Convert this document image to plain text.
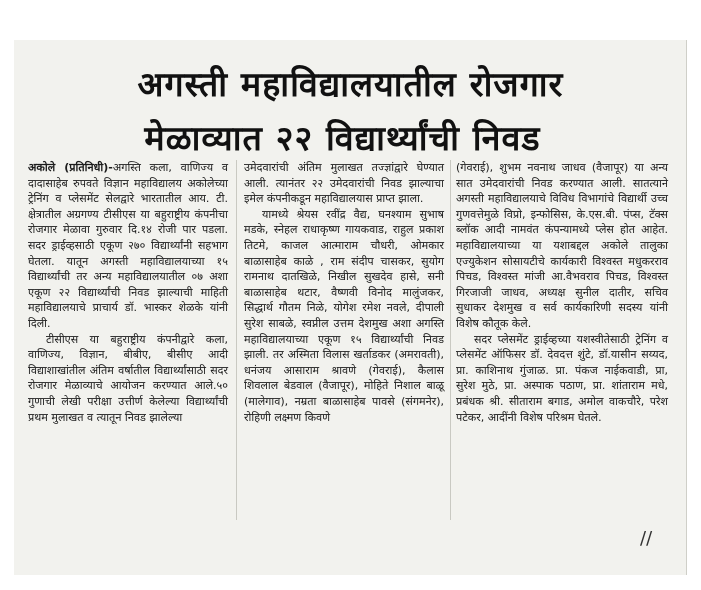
अगस्ती महाविद्यालयातील रोजगार
मेळाव्यात २२ विद्यार्थ्यांची निवड

अकोले (प्रतिनिधी)-अगस्ति कला, वाणिज्य व दादासाहेब रुपवते विज्ञान महाविद्यालय अकोलेच्या ट्रेनिंग व प्लेसमेंट सेलद्वारे भारतातील आय. टी. क्षेत्रातील अग्रगण्य टीसीएस या बहुराष्ट्रीय कंपनीचा रोजगार मेळावा गुरुवार दि.१४ रोजी पार पडला. सदर ड्राईव्हसाठी एकूण २७० विद्यार्थ्यांनी सहभाग घेतला. यातून अगस्ती महाविद्यालयाच्या १५ विद्यार्थ्यांची तर अन्य महाविद्यालयातील ०७ अशा एकूण २२ विद्यार्थ्यांची निवड झाल्याची माहिती महाविद्यालयाचे प्राचार्य डॉ. भास्कर शेळके यांनी दिली.

टीसीएस या बहुराष्ट्रीय कंपनीद्वारे कला, वाणिज्य, विज्ञान, बीबीए, बीसीए आदी विद्याशाखांतील अंतिम वर्षातील विद्यार्थ्यांसाठी सदर रोजगार मेळाव्याचे आयोजन करण्यात आले.५० गुणाची लेखी परीक्षा उत्तीर्ण केलेल्या विद्यार्थ्यांची प्रथम मुलाखत व त्यातून निवड झालेल्या

उमेदवारांची अंतिम मुलाखत तज्ज्ञांद्वारे घेण्यात आली. त्यानंतर २२ उमेदवारांची निवड झाल्याचा इमेल कंपनीकडून महाविद्यालयास प्राप्त झाला.

यामध्ये श्रेयस रवींद्र वैद्य, घनश्याम सुभाष मडके, स्नेहल राधाकृष्ण गायकवाड, राहुल प्रकाश तिटमे, काजल आत्माराम चौधरी, ओमकार बाळासाहेब काळे , राम संदीप चासकर, सुयोग रामनाथ दातखिळे, निखील सुखदेव हासे, सनी बाळासाहेब थटार, वैष्णवी विनोद मालुंजकर, सिद्धार्थ गौतम निळे, योगेश रमेश नवले, दीपाली सुरेश साबळे, स्वप्नील उत्तम देशमुख अशा अगस्ति महाविद्यालयाच्या एकूण १५ विद्यार्थ्यांची निवड झाली. तर अस्मिता विलास खर्ताडकर (अमरावती), धनंजय आसाराम श्रावणे (गेवराई), कैलास शिवलाल बेडवाल (वैजापूर), मोहिते निशाल बाळू (मालेगाव), नम्रता बाळासाहेब पावसे (संगमनेर), रोहिणी लक्ष्मण किवणे

(गेवराई), शुभम नवनाथ जाधव (वैजापूर) या अन्य सात उमेदवारांची निवड करण्यात आली. सातत्याने अगस्ती महाविद्यालयाचे विविध विभागांचे विद्यार्थी उच्च गुणवत्तेमुळे विप्रो, इन्फोसिस, के.एस.बी. पंप्स, टॅक्स ब्लॉक आदी नामवंत कंपन्यामध्ये प्लेस होत आहेत. महाविद्यालयाच्या या यशाबद्दल अकोले तालुका एज्युकेशन सोसायटीचे कार्यकारी विश्वस्त मधुकरराव पिचड, विश्वस्त मांजी आ.वैभवराव पिचड, विश्वस्त गिरजाजी जाधव, अध्यक्ष सुनील दातीर, सचिव सुधाकर देशमुख व सर्व कार्यकारिणी सदस्य यांनी विशेष कौतूक केले.

सदर प्लेसमेंट ड्राईव्हच्या यशस्वीतेसाठी ट्रेनिंग व प्लेसमेंट ऑफिसर डॉ. देवदत्त शुंटे, डॉ.यासीन सय्यद, प्रा. काशिनाथ गुंजाळ. प्रा. पंकज नाईकवाडी, प्रा, सुरेश मुठे, प्रा. अस्पाक पठाण, प्रा. शांताराम मधे, प्रबंधक श्री. सीताराम बगाड, अमोल वाकचौरे, परेश पटेकर, आदींनी विशेष परिश्रम घेतले.

//
